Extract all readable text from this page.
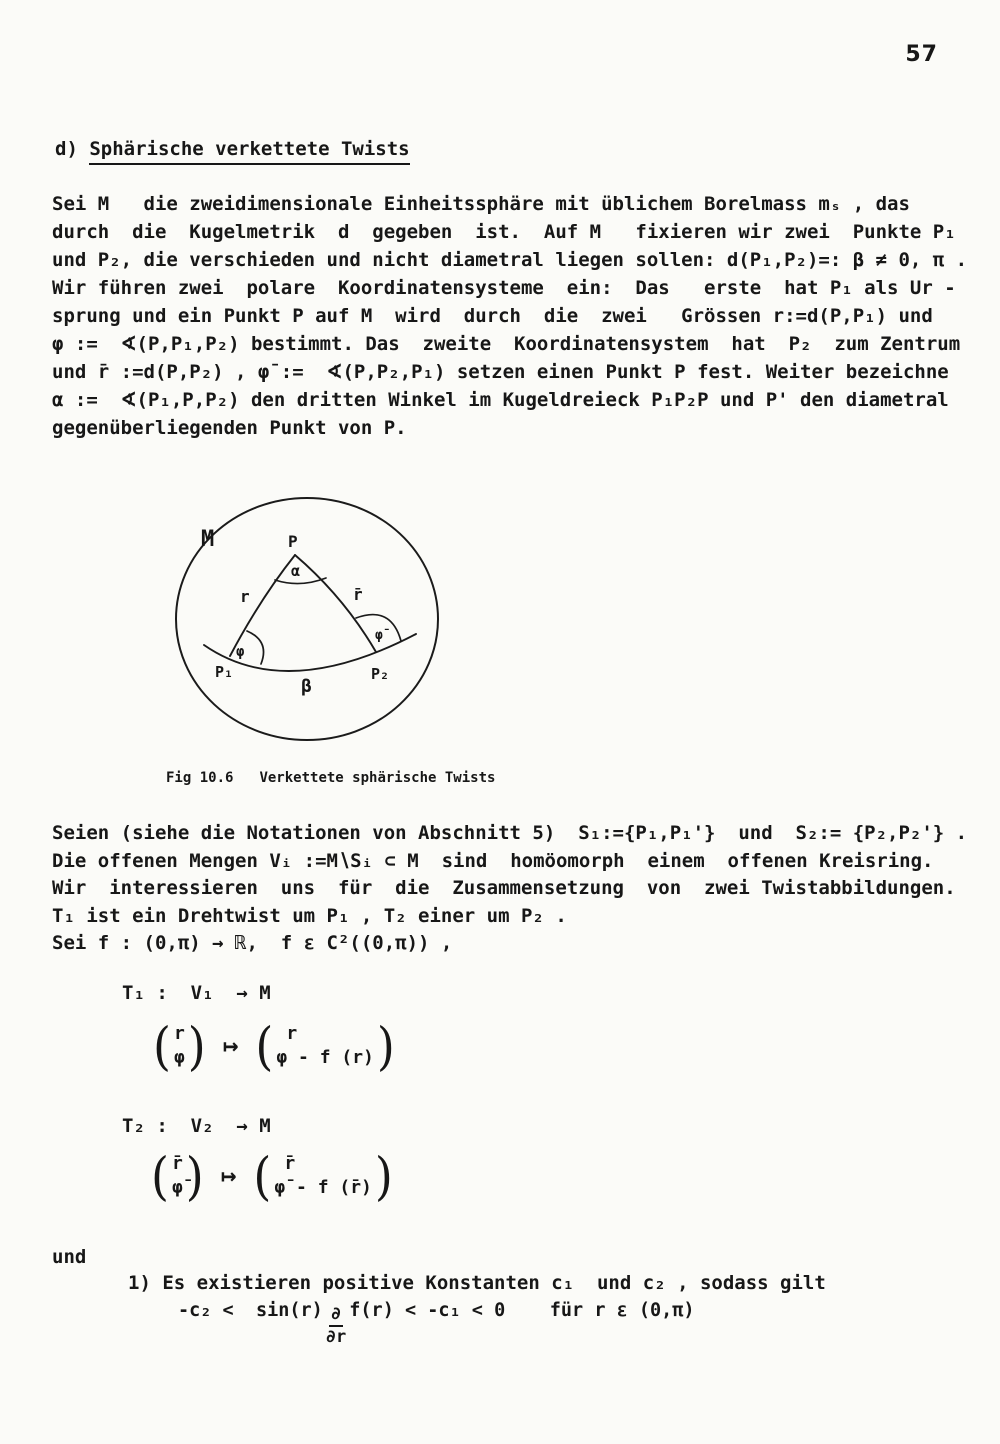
57
d) Sphärische verkettete Twists
Sei M   die zweidimensionale Einheitssphäre mit üblichem Borelmass mₛ , das
durch  die  Kugelmetrik  d  gegeben  ist.  Auf M   fixieren wir zwei  Punkte P₁
und P₂, die verschieden und nicht diametral liegen sollen: d(P₁,P₂)=: β ≠ 0, π .
Wir führen zwei  polare  Koordinatensysteme  ein:  Das   erste  hat P₁ als Ur -
sprung und ein Punkt P auf M  wird  durch  die  zwei   Grössen r:=d(P,P₁) und
φ :=  ∢(P,P₁,P₂) bestimmt. Das  zweite  Koordinatensystem  hat  P₂  zum Zentrum
und r̄ :=d(P,P₂) , φ̄ :=  ∢(P,P₂,P₁) setzen einen Punkt P fest. Weiter bezeichne
α :=  ∢(P₁,P,P₂) den dritten Winkel im Kugeldreieck P₁P₂P und P' den diametral
gegenüberliegenden Punkt von P.
M	P
α
r	r̄
φ
φ̄
P₁	P₂
β
Fig 10.6 Verkettete sphärische Twists
Seien (siehe die Notationen von Abschnitt 5)  S₁:={P₁,P₁'}  und  S₂:= {P₂,P₂'} .
Die offenen Mengen Vᵢ :=M∖Sᵢ ⊂ M  sind  homöomorph  einem  offenen Kreisring.
Wir  interessieren  uns  für  die  Zusammensetzung  von  zwei Twistabbildungen.
T₁ ist ein Drehtwist um P₁ , T₂ einer um P₂ .
Sei f : (0,π) → ℝ,  f ε C²((0,π)) ,
T₁ :  V₁  → M
( r
φ ) ↦ ( r
φ - f (r) )
T₂ :  V₂  → M
( r̄
φ̄ ) ↦ ( r̄
φ̄ - f (r̄) )
und
1) Es existieren positive Konstanten c₁  und c₂ , sodass gilt
$-c_2 < \sin(r) \frac{\partial}{\partial r} f(r) < -c_1 < 0$    für r ε (0,π)
